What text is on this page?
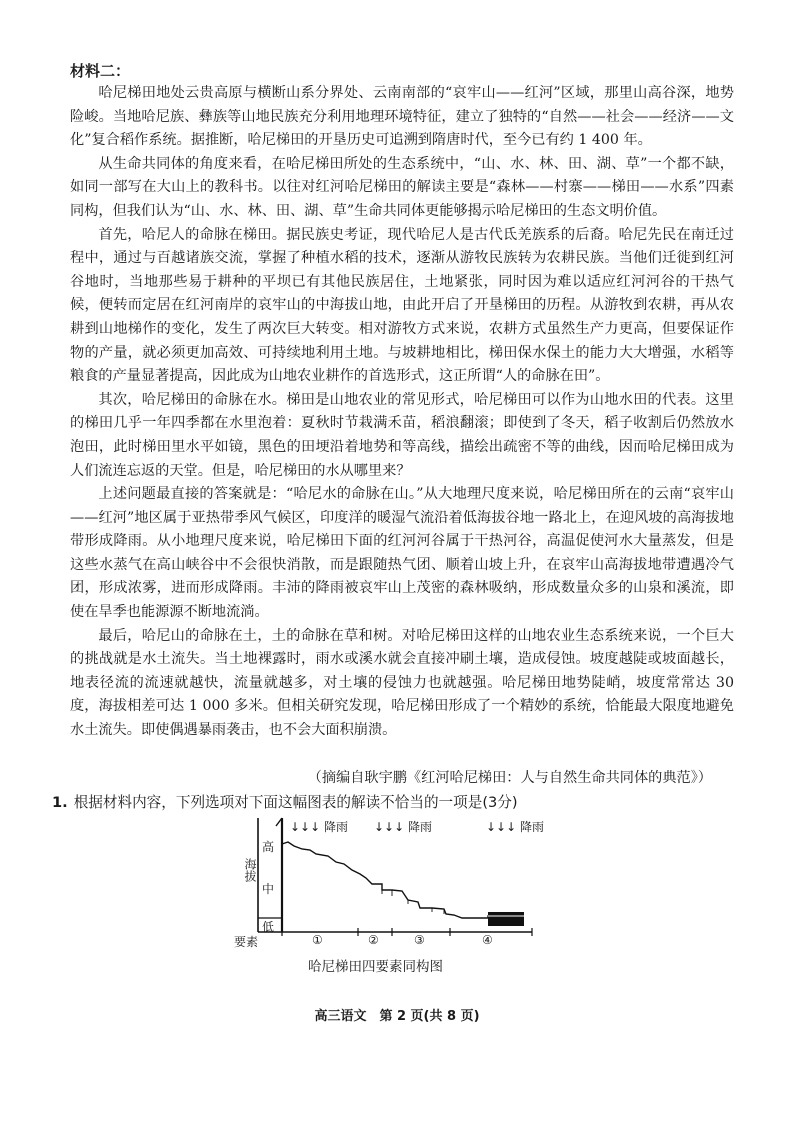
材料二：

哈尼梯田地处云贵高原与横断山系分界处、云南南部的“哀牢山——红河”区域，那里山高谷深，地势险峻。当地哈尼族、彝族等山地民族充分利用地理环境特征，建立了独特的“自然——社会——经济——文化”复合稻作系统。据推断，哈尼梯田的开垦历史可追溯到隋唐时代，至今已有约 1 400 年。

从生命共同体的角度来看，在哈尼梯田所处的生态系统中，“山、水、林、田、湖、草”一个都不缺，如同一部写在大山上的教科书。以往对红河哈尼梯田的解读主要是“森林——村寨——梯田——水系”四素同构，但我们认为“山、水、林、田、湖、草”生命共同体更能够揭示哈尼梯田的生态文明价值。

首先，哈尼人的命脉在梯田。据民族史考证，现代哈尼人是古代氐羌族系的后裔。哈尼先民在南迁过程中，通过与百越诸族交流，掌握了种植水稻的技术，逐渐从游牧民族转为农耕民族。当他们迁徙到红河谷地时，当地那些易于耕种的平坝已有其他民族居住，土地紧张，同时因为难以适应红河河谷的干热气候，便转而定居在红河南岸的哀牢山的中海拔山地，由此开启了开垦梯田的历程。从游牧到农耕，再从农耕到山地梯作的变化，发生了两次巨大转变。相对游牧方式来说，农耕方式虽然生产力更高，但要保证作物的产量，就必须更加高效、可持续地利用土地。与坡耕地相比，梯田保水保土的能力大大增强，水稻等粮食的产量显著提高，因此成为山地农业耕作的首选形式，这正所谓“人的命脉在田”。

其次，哈尼梯田的命脉在水。梯田是山地农业的常见形式，哈尼梯田可以作为山地水田的代表。这里的梯田几乎一年四季都在水里泡着：夏秋时节栽满禾苗，稻浪翻滚；即使到了冬天，稻子收割后仍然放水泡田，此时梯田里水平如镜，黑色的田埂沿着地势和等高线，描绘出疏密不等的曲线，因而哈尼梯田成为人们流连忘返的天堂。但是，哈尼梯田的水从哪里来？

上述问题最直接的答案就是：“哈尼水的命脉在山。”从大地理尺度来说，哈尼梯田所在的云南“哀牢山——红河”地区属于亚热带季风气候区，印度洋的暖湿气流沿着低海拔谷地一路北上，在迎风坡的高海拔地带形成降雨。从小地理尺度来说，哈尼梯田下面的红河河谷属于干热河谷，高温促使河水大量蒸发，但是这些水蒸气在高山峡谷中不会很快消散，而是跟随热气团、顺着山坡上升，在哀牢山高海拔地带遭遇冷气团，形成浓雾，进而形成降雨。丰沛的降雨被哀牢山上茂密的森林吸纳，形成数量众多的山泉和溪流，即使在旱季也能源源不断地流淌。

最后，哈尼山的命脉在土，土的命脉在草和树。对哈尼梯田这样的山地农业生态系统来说，一个巨大的挑战就是水土流失。当土地裸露时，雨水或溪水就会直接冲刷土壤，造成侵蚀。坡度越陡或坡面越长，地表径流的流速就越快，流量就越多，对土壤的侵蚀力也就越强。哈尼梯田地势陡峭，坡度常常达 30 度，海拔相差可达 1 000 多米。但相关研究发现，哈尼梯田形成了一个精妙的系统，恰能最大限度地避免水土流失。即使偶遇暴雨袭击，也不会大面积崩溃。

（摘编自耿宇鹏《红河哈尼梯田：人与自然生命共同体的典范》）
1. 根据材料内容，下列选项对下面这幅图表的解读不恰当的一项是(3分)
↓↓↓ 降雨 ↓↓↓ 降雨	↓↓↓ 降雨
高
中
低
海拔
要素	①	②	③	④
哈尼梯田四要素同构图
高三语文　第 2 页(共 8 页)
